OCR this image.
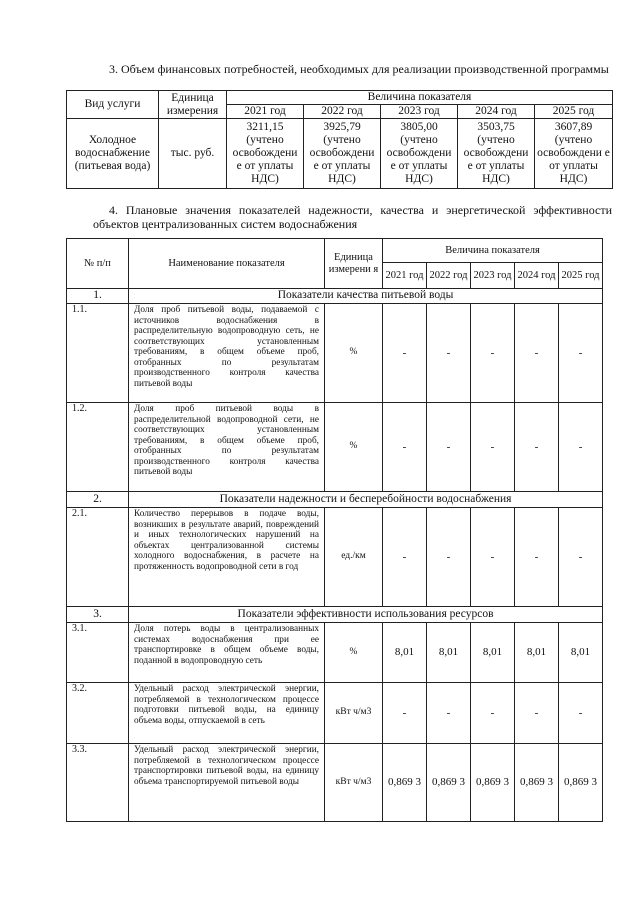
3. Объем финансовых потребностей, необходимых для реализации производственной программы
Вид услуги	Единица измерения	Величина показателя				
		2021 год	2022 год	2023 год	2024 год	2025 год
Холодное водоснабжение (питьевая вода)	тыс. руб.	3211,15 (учтено освобождени е от уплаты НДС)	3925,79 (учтено освобождени е от уплаты НДС)	3805,00 (учтено освобождени е от уплаты НДС)	3503,75 (учтено освобождени е от уплаты НДС)	3607,89 (учтено освобождени е от уплаты НДС)
4. Плановые значения показателей надежности, качества и энергетической эффективности объектов централизованных систем водоснабжения
№ п/п	Наименование показателя	Единица измерени я	Величина показателя				
			2021 год	2022 год	2023 год	2024 год	2025 год
1.	Показатели качества питьевой воды						
1.1.	Доля проб питьевой воды, подаваемой с источников водоснабжения в распределительную водопроводную сеть, не соответствующих установленным требованиям, в общем объеме проб, отобранных по результатам производственного контроля качества питьевой воды	%	-	-	-	-	-
1.2.	Доля проб питьевой воды в распределительной водопроводной сети, не соответствующих установленным требованиям, в общем объеме проб, отобранных по результатам производственного контроля качества питьевой воды	%	-	-	-	-	-
2.	Показатели надежности и бесперебойности водоснабжения						
2.1.	Количество перерывов в подаче воды, возникших в результате аварий, повреждений и иных технологических нарушений на объектах централизованной системы холодного водоснабжения, в расчете на протяженность водопроводной сети в год	ед./км	-	-	-	-	-
3.	Показатели эффективности использования ресурсов						
3.1.	Доля потерь воды в централизованных системах водоснабжения при ее транспортировке в общем объеме воды, поданной в водопроводную сеть	%	8,01	8,01	8,01	8,01	8,01
3.2.	Удельный расход электрической энергии, потребляемой в технологическом процессе подготовки питьевой воды, на единицу объема воды, отпускаемой в сеть	кВт ч/м3	-	-	-	-	-
3.3.	Удельный расход электрической энергии, потребляемой в технологическом процессе транспортировки питьевой воды, на единицу объема транспортируемой питьевой воды	кВт ч/м3	0,869 3	0,869 3	0,869 3	0,869 3	0,869 3
